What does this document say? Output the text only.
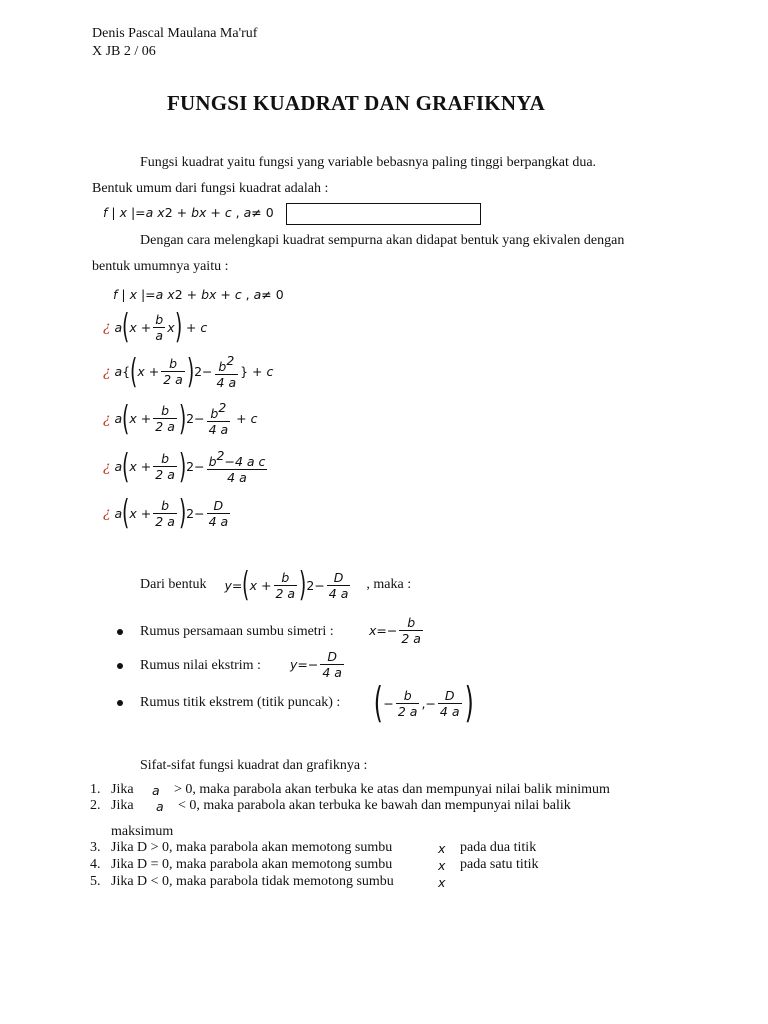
Denis Pascal Maulana Ma'ruf
X JB 2 / 06
FUNGSI KUADRAT DAN GRAFIKNYA
Fungsi kuadrat yaitu fungsi yang variable bebasnya paling tinggi berpangkat dua.
Bentuk umum dari fungsi kuadrat adalah :
f | x |= a x 2 + bx + c , a ≠ 0
Dengan cara melengkapi kuadrat sempurna akan didapat bentuk yang ekivalen dengan
bentuk umumnya yaitu :
f | x |= a x 2 + bx + c , a ≠ 0
¿ a ( $x + \frac{b}{a}$ x ) + c
¿ a { ( $x + \frac{b}{2 a}$ ) $2 - \frac{b^2}{4 a}$ } + c
¿ a ( $x + \frac{b}{2 a}$ ) $2 - \frac{b^2}{4 a} + c$
¿ a ( $x + \frac{b}{2 a}$ ) $2 - \frac{b^2-4 a c}{4 a}$
¿ a ( $x + \frac{b}{2 a}$ ) $2 - \frac{D}{4 a}$
Dari bentuk y = ( $x + \frac{b}{2 a}$ ) $2 - \frac{D}{4 a}$ , maka :
Rumus persamaan sumbu simetri :	$x =- \frac{b}{2 a}$
Rumus nilai ekstrim : $y =- \frac{D}{4 a}$
Rumus titik ekstrem (titik puncak) : ( − $\frac{b}{2 a}$ ,− $\frac{D}{4 a}$ )
Sifat-sifat fungsi kuadrat dan grafiknya :
1. Jika a > 0, maka parabola akan terbuka ke atas dan mempunyai nilai balik minimum
2. Jika a < 0, maka parabola akan terbuka ke bawah dan mempunyai nilai balik
maksimum
3. Jika D > 0, maka parabola akan memotong sumbu	x pada dua titik
4. Jika D = 0, maka parabola akan memotong sumbu	x pada satu titik
5. Jika D < 0, maka parabola tidak memotong sumbu	x
